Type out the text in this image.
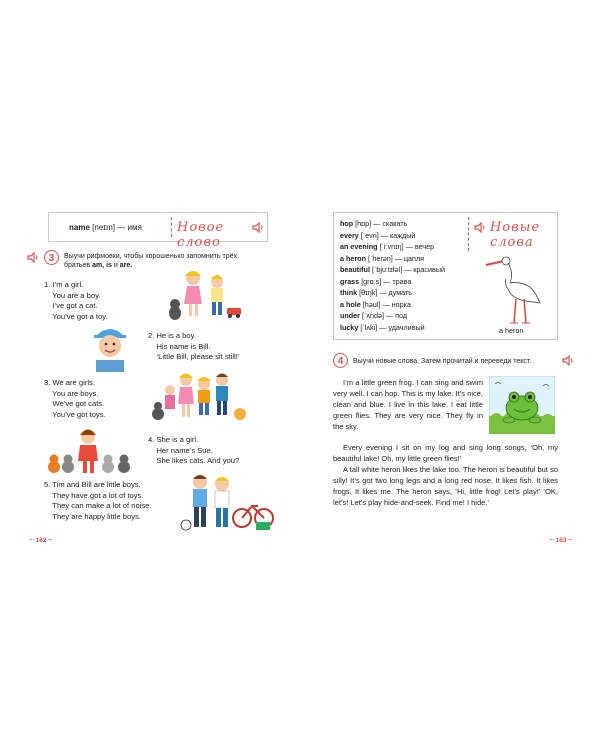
name [neɪm] — имя	Новое слово
3	Выучи рифмовки, чтобы хорошенько запомнить трёх
братьев am, is и are.
1. I’m a girl.
You are a boy.
I’ve got a cat.
You’ve got a toy.
2. He is a boy.
His name is Bill.
‘Little Bill, please sit still!’
3. We are girls.
You are boys.
We’ve got cats.
You’ve got toys.
4. She is a girl.
Her name’s Sue.
She likes cats. And you?
5. Tim and Bill are little boys.
They have got a lot of toys.
They can make a lot of noise.
They are happy little boys.
~ 162 ~
hop [hɒp] — скакать
every [ˈevri] — каждый
an evening [ˈiːvnɪŋ] — вечер
a heron [ˈherən] — цапля
beautiful [ˈbjuːtɪfəl] — красивый
grass [ɡrɑːs] — трава
think [θɪŋk] — думать
a hole [həʊl] — норка
under [ˈʌndə] — под
lucky [ˈlʌki] — удачливый
Новые слова
a heron
4	Выучи новые слова. Затем прочитай и переведи текст.

I’m a little green frog. I can sing and swim very well. I can hop. This is my lake. It’s nice, clean and blue. I live in this lake. I eat little green flies. They are very nice. They fly in the sky.

Every evening I sit on my log and sing long songs, ‘Oh, my beautiful lake! Oh, my little green flies!’

A tall white heron likes the lake too. The heron is beautiful but so silly! It’s got two long legs and a long red nose. It likes fish. It likes frogs. It likes me. The heron says, ‘Hi, little frog! Let’s play!’ ‘OK, let’s! Let’s play hide-and-seek. Find me! I hide.’

~ 163 ~
